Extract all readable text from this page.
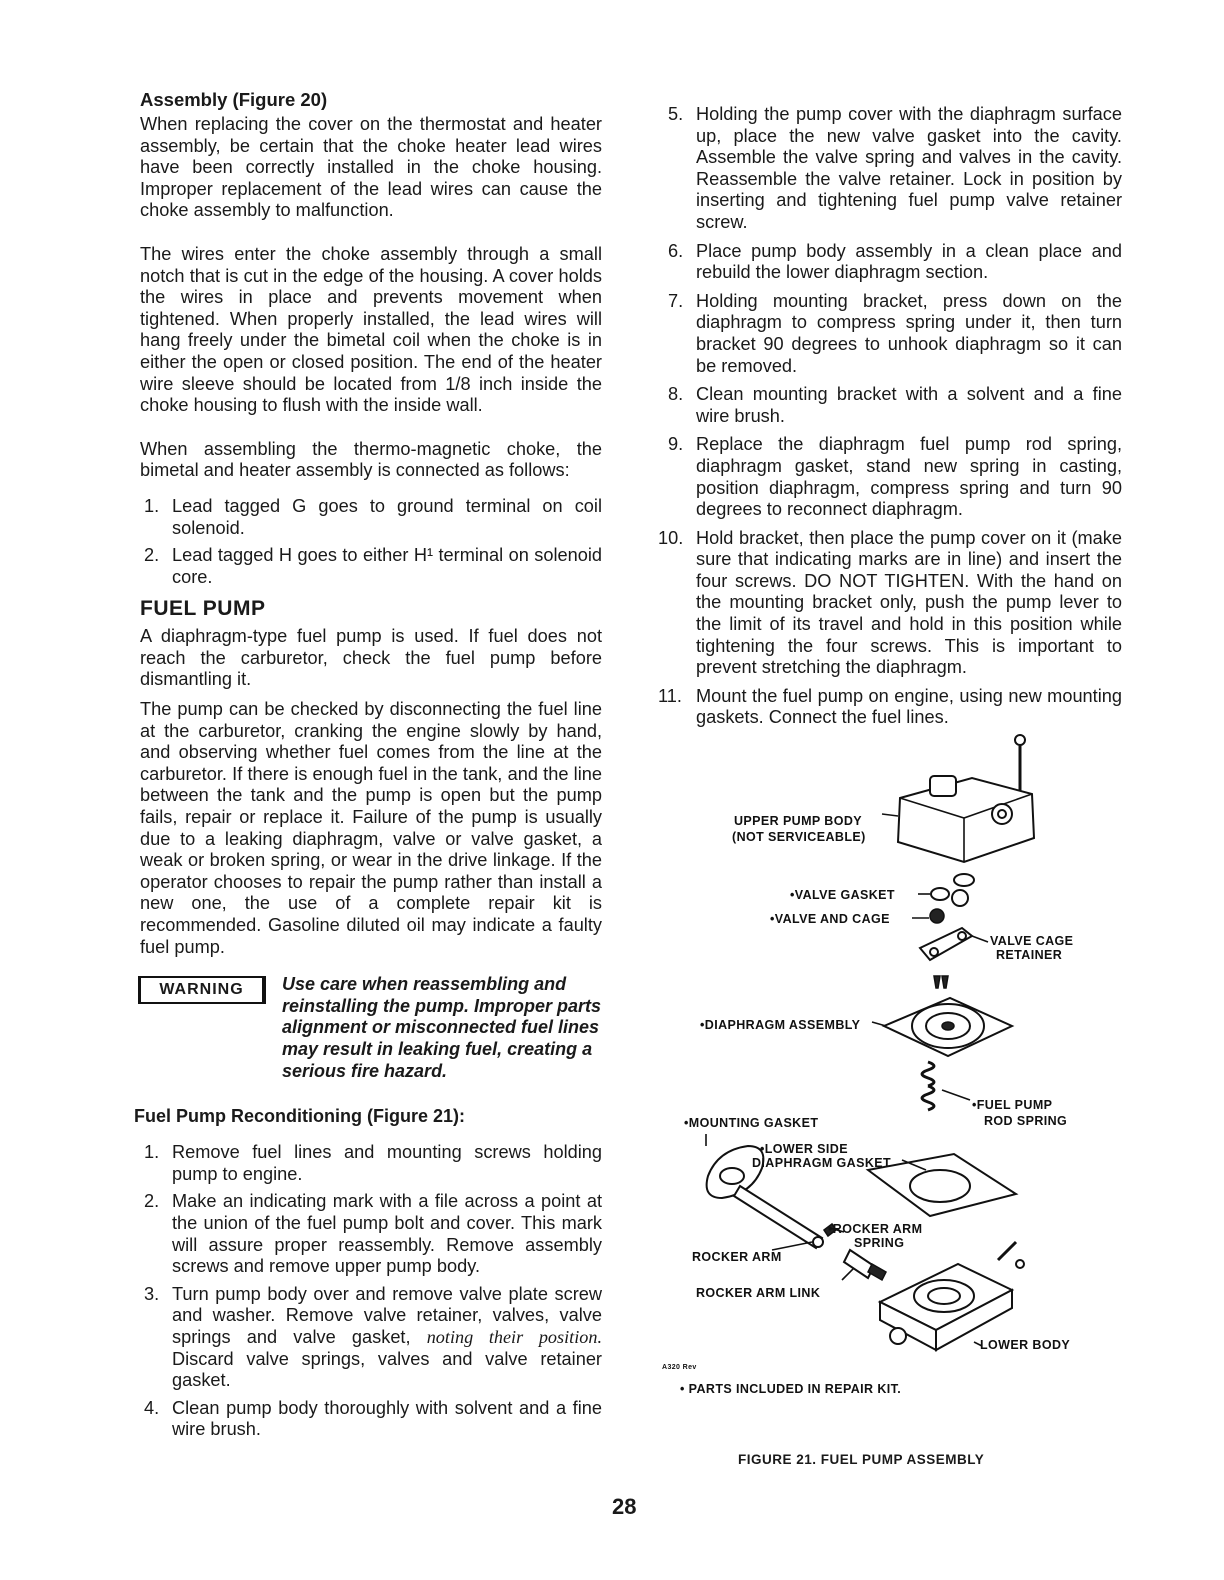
Assembly (Figure 20)

When replacing the cover on the thermostat and heater assembly, be certain that the choke heater lead wires have been correctly installed in the choke housing. Improper replacement of the lead wires can cause the choke assembly to malfunction.

The wires enter the choke assembly through a small notch that is cut in the edge of the housing. A cover holds the wires in place and prevents movement when tightened. When properly installed, the lead wires will hang freely under the bimetal coil when the choke is in either the open or closed position. The end of the heater wire sleeve should be located from 1/8 inch inside the choke housing to flush with the inside wall.

When assembling the thermo-magnetic choke, the bimetal and heater assembly is connected as follows:

1. Lead tagged G goes to ground terminal on coil solenoid.
2. Lead tagged H goes to either H¹ terminal on solenoid core.
FUEL PUMP

A diaphragm-type fuel pump is used. If fuel does not reach the carburetor, check the fuel pump before dismantling it.

The pump can be checked by disconnecting the fuel line at the carburetor, cranking the engine slowly by hand, and observing whether fuel comes from the line at the carburetor. If there is enough fuel in the tank, and the line between the tank and the pump is open but the pump fails, repair or replace it. Failure of the pump is usually due to a leaking diaphragm, valve or valve gasket, a weak or broken spring, or wear in the drive linkage. If the operator chooses to repair the pump rather than install a new one, the use of a complete repair kit is recommended. Gasoline diluted oil may indicate a faulty fuel pump.

WARNING	Use care when reassembling and
reinstalling the pump. Improper parts alignment or misconnected fuel lines may result in leaking fuel, creating a serious fire hazard.
Fuel Pump Reconditioning (Figure 21):
1. Remove fuel lines and mounting screws holding pump to engine.
2. Make an indicating mark with a file across a point at the union of the fuel pump bolt and cover. This mark will assure proper reassembly. Remove assembly screws and remove upper pump body.
3. Turn pump body over and remove valve plate screw and washer. Remove valve retainer, valves, valve springs and valve gasket, noting their position. Discard valve springs, valves and valve retainer gasket.
4. Clean pump body thoroughly with solvent and a fine wire brush.
5. Holding the pump cover with the diaphragm surface up, place the new valve gasket into the cavity. Assemble the valve spring and valves in the cavity. Reassemble the valve retainer. Lock in position by inserting and tightening fuel pump valve retainer screw.
6. Place pump body assembly in a clean place and rebuild the lower diaphragm section.
7. Holding mounting bracket, press down on the diaphragm to compress spring under it, then turn bracket 90 degrees to unhook diaphragm so it can be removed.
8. Clean mounting bracket with a solvent and a fine wire brush.
9. Replace the diaphragm fuel pump rod spring, diaphragm gasket, stand new spring in casting, position diaphragm, compress spring and turn 90 degrees to reconnect diaphragm.
10. Hold bracket, then place the pump cover on it (make sure that indicating marks are in line) and insert the four screws. DO NOT TIGHTEN. With the hand on the mounting bracket only, push the pump lever to the limit of its travel and hold in this position while tightening the four screws. This is important to prevent stretching the diaphragm.
11. Mount the fuel pump on engine, using new mounting gaskets. Connect the fuel lines.
UPPER PUMP BODY
(NOT SERVICEABLE)
•VALVE GASKET
•VALVE AND CAGE
VALVE CAGE
RETAINER
•DIAPHRAGM ASSEMBLY
•FUEL PUMP
ROD SPRING
•MOUNTING GASKET
•LOWER SIDE
DIAPHRAGM GASKET
•ROCKER ARM
SPRING
ROCKER ARM
ROCKER ARM LINK
LOWER BODY
A320 Rev
• PARTS INCLUDED IN REPAIR KIT.
FIGURE 21. FUEL PUMP ASSEMBLY
28
